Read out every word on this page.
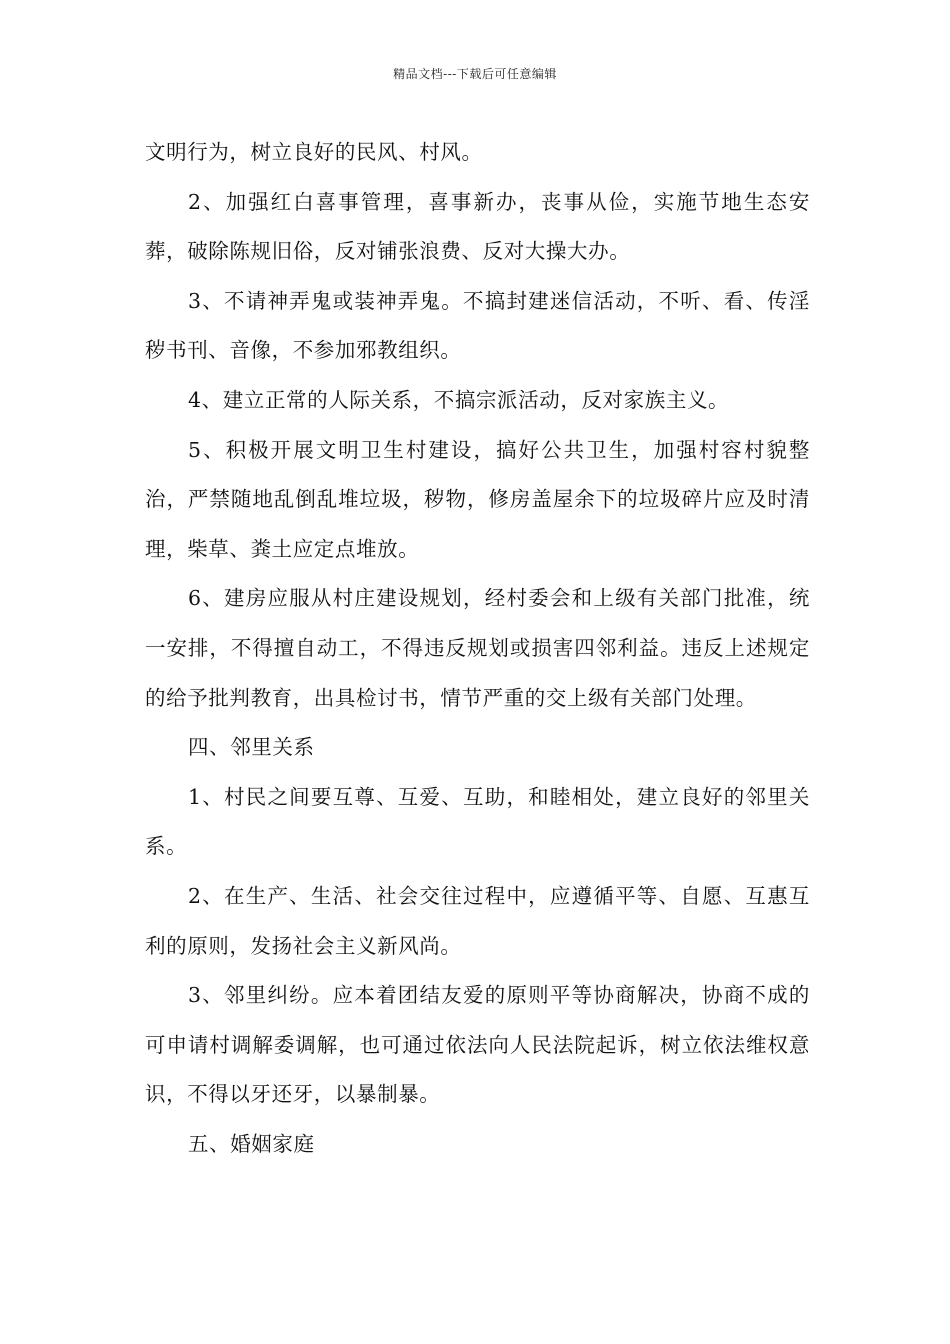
精品文档---下载后可任意编辑

文明行为，树立良好的民风、村风。

2、加强红白喜事管理，喜事新办，丧事从俭，实施节地生态安葬，破除陈规旧俗，反对铺张浪费、反对大操大办。

3、不请神弄鬼或装神弄鬼。不搞封建迷信活动，不听、看、传淫秽书刊、音像，不参加邪教组织。

4、建立正常的人际关系，不搞宗派活动，反对家族主义。

5、积极开展文明卫生村建设，搞好公共卫生，加强村容村貌整治，严禁随地乱倒乱堆垃圾，秽物，修房盖屋余下的垃圾碎片应及时清理，柴草、粪土应定点堆放。

6、建房应服从村庄建设规划，经村委会和上级有关部门批准，统一安排，不得擅自动工，不得违反规划或损害四邻利益。违反上述规定的给予批判教育，出具检讨书，情节严重的交上级有关部门处理。

四、邻里关系

1、村民之间要互尊、互爱、互助，和睦相处，建立良好的邻里关系。

2、在生产、生活、社会交往过程中，应遵循平等、自愿、互惠互利的原则，发扬社会主义新风尚。

3、邻里纠纷。应本着团结友爱的原则平等协商解决，协商不成的可申请村调解委调解，也可通过依法向人民法院起诉，树立依法维权意识，不得以牙还牙，以暴制暴。

五、婚姻家庭
